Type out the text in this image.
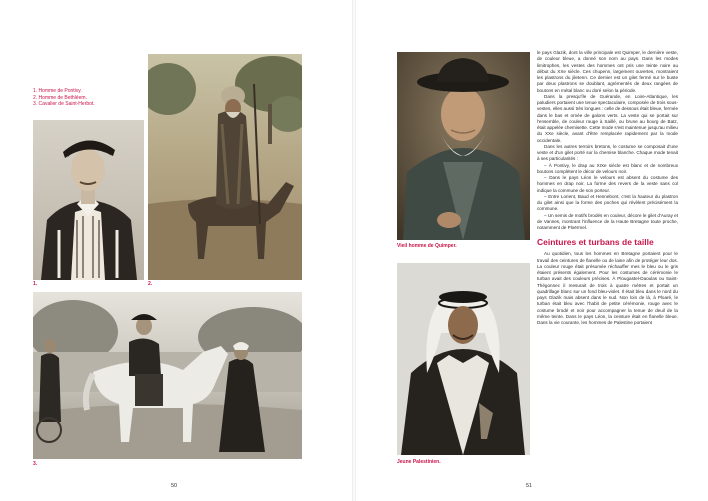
1. Homme de Pontivy.
2. Homme de Bethléem.
3. Cavalier de Saint-Herbot.
1.	2.
3.
50
Vieil homme de Quimper.
Jeune Palestinien.
51

le pays Glazik, dont la ville principale est Quimper, le dernière veste, de couleur bleue, a donné son nom au pays. Dans les modes limitrophes, les vestes des hommes ont pris une teinte noire au début du XXe siècle. Ces chupenn, largement ouvertes, montraient les plastrons du jiletenn. Ce dernier est un gilet fermé sur le buste par deux plastrons se doublant, agrémentés de deux rangées de boutons en métal blanc ou doré selon la période.

Dans la presqu'île de Guérande, en Loire-Atlantique, les paludiers portaient une tenue spectaculaire, composée de trois sous-vestes, elles aussi très longues : celle de dessous était bleue, fermée dans le bas et ornée de galons verts. La veste qui se portait sur l'ensemble, de couleur rouge à Saillé, ou brune au bourg de Batz, était appelée chemisette. Cette mode s'est maintenue jusqu'au milieu du XXe siècle, avant d'être remplacée rapidement par la mode occidentale.

Dans les autres terroirs bretons, le costume se composait d'une veste et d'un gilet porté sur la chemise blanche. Chaque mode tenait à ses particularités :

– À Pontivy, le drap au XIXe siècle est blanc et de nombreux boutons complètent le décor de velours noir.

– Dans le pays Léon le velours est absent du costume des hommes en drap noir. La forme des revers de la veste sans col indique la commune de son porteur.

– Entre Lorient, Baud et Hennebont, c'est la hauteur du plastron du gilet ainsi que la forme des poches qui révèlent précisément la commune.

– Un semis de motifs brodés en couleur, décore le gilet d'Auray et de Vannes, montrant l'influence de la Haute Bretagne toute proche, notamment de Ploërmel.

Ceintures et turbans de taille

Au quotidien, tous les hommes en Bretagne portaient pour le travail des ceintures de flanelle ou de laine afin de protéger leur dos. La couleur rouge était présumée réchauffer mes le bleu ou le gris étaient présents également. Pour les costumes de cérémonie le turban avait des couleurs précises. À Plougastel-Daoulas ou Saint-Thégonnec il mesurait de trois à quatre mètres et portait un quadrillage blanc sur un fond bleu-violet. Il était bleu dans le nord du pays Glazik mais absent dans le sud. Non loin de là, à Ploaré, le turban était bleu avec l'habit de petite cérémonie, rouge avec le costume brodé et noir pour accompagner la tenue de deuil de la même teinte. Dans le pays Léon, la ceinture était en flanelle bleue. Dans la vie courante, les hommes de Palestine portaient
